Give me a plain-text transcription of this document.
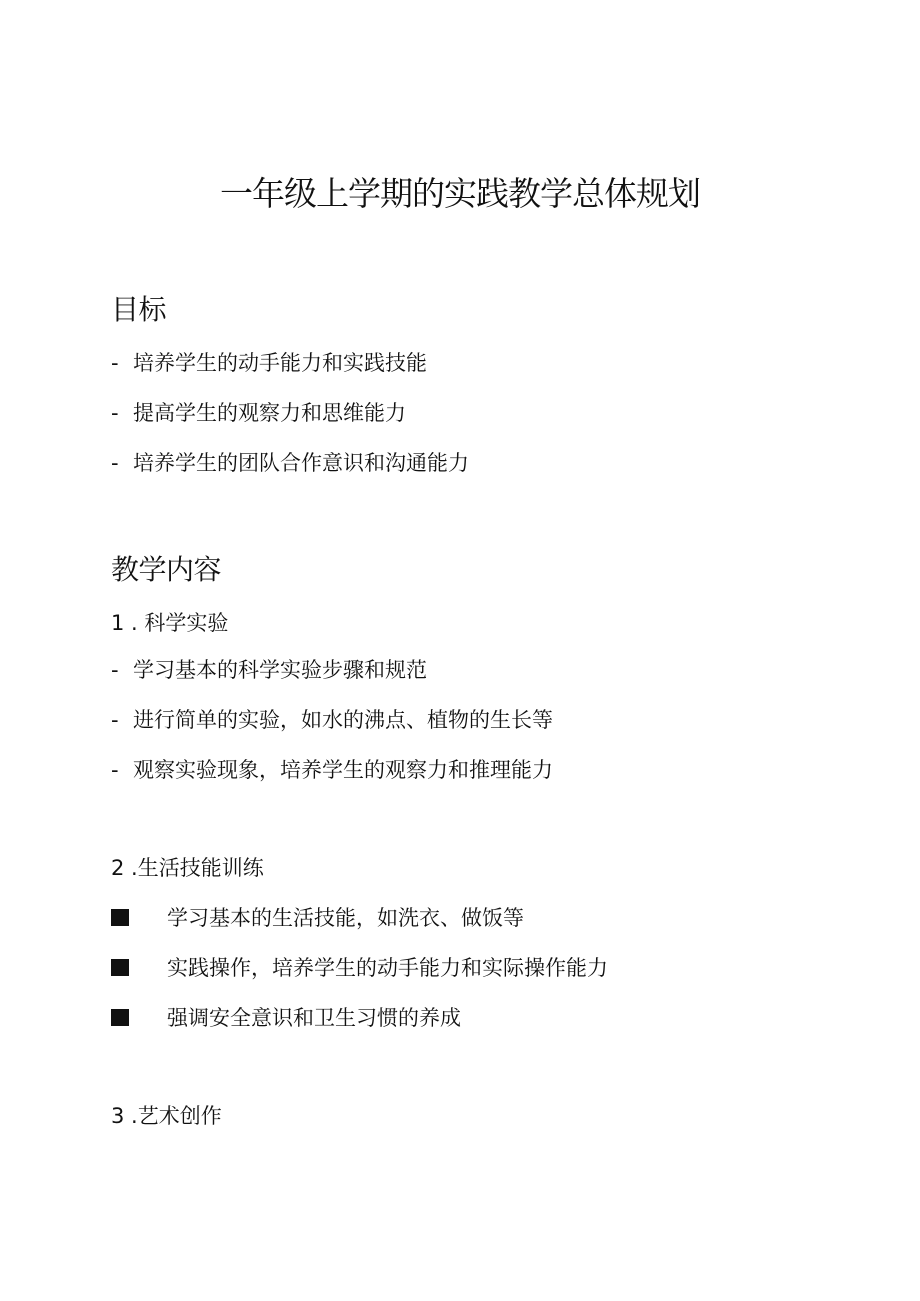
一年级上学期的实践教学总体规划
目标
- 培养学生的动手能力和实践技能
- 提高学生的观察力和思维能力
- 培养学生的团队合作意识和沟通能力
教学内容
1 . 科学实验
- 学习基本的科学实验步骤和规范
- 进行简单的实验，如水的沸点、植物的生长等
- 观察实验现象，培养学生的观察力和推理能力
2 .生活技能训练
学习基本的生活技能，如洗衣、做饭等
实践操作，培养学生的动手能力和实际操作能力
强调安全意识和卫生习惯的养成
3 .艺术创作
